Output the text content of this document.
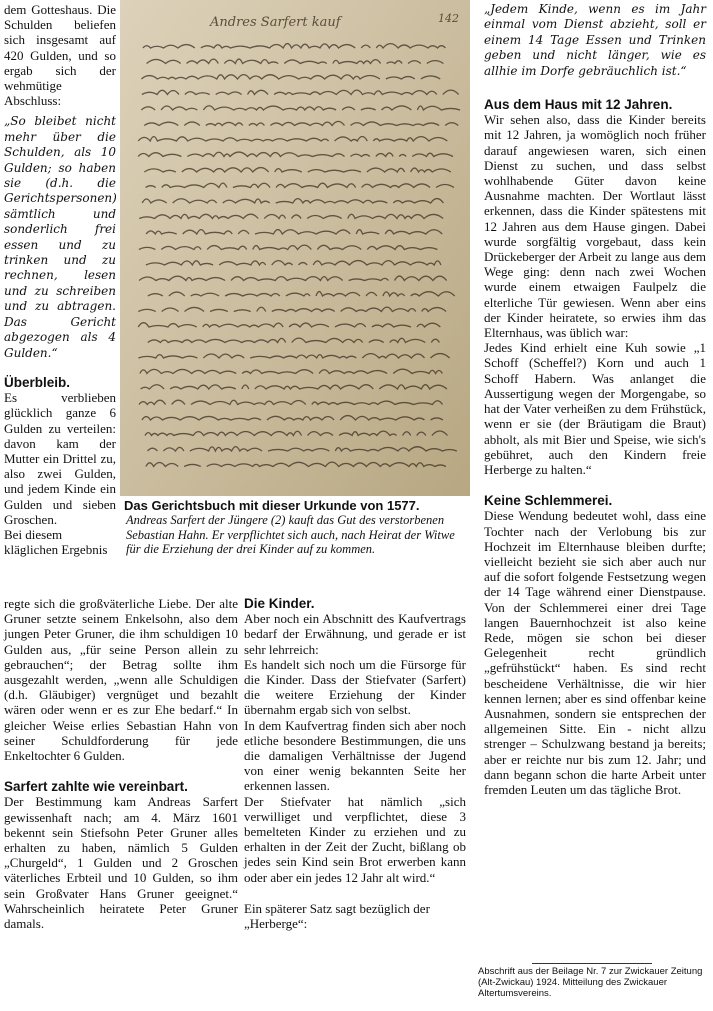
dem Gotteshaus. Die Schulden beliefen sich insgesamt auf 420 Gulden, und so ergab sich der wehmütige Abschluss:

„So bleibet nicht mehr über die Schulden, als 10 Gulden; so haben sie (d.h. die Gerichtspersonen) sämtlich und sonderlich frei essen und zu trinken und zu rechnen, lesen und zu schreiben und zu abtragen. Das Gericht abgezogen als 4 Gulden.“

Überbleib.

Es verblieben glücklich ganze 6 Gulden zu verteilen: davon kam der Mutter ein Drittel zu, also zwei Gulden, und jedem Kinde ein Gulden und sieben Groschen.

Bei diesem kläglichen Ergebnis

Andres Sarfert kauf	142
Das Gerichtsbuch mit dieser Urkunde von 1577.
Andreas Sarfert der Jüngere (2) kauft das Gut des verstorbenen Sebastian Hahn. Er verpflichtet sich auch, nach Heirat der Witwe für die Erziehung der drei Kinder auf zu kommen.

regte sich die großväterliche Liebe. Der alte Gruner setzte seinem Enkelsohn, also dem jungen Peter Gruner, die ihm schuldigen 10 Gulden aus, „für seine Person allein zu gebrauchen“; der Betrag sollte ihm ausgezahlt werden, „wenn alle Schuldigen (d.h. Gläubiger) vergnüget und bezahlt wären oder wenn er es zur Ehe bedarf.“ In gleicher Weise erlies Sebastian Hahn von seiner Schuldforderung für jede Enkeltochter 6 Gulden.

Sarfert zahlte wie vereinbart.

Der Bestimmung kam Andreas Sarfert gewissenhaft nach; am 4. März 1601 bekennt sein Stiefsohn Peter Gruner alles erhalten zu haben, nämlich 5 Gulden „Churgeld“, 1 Gulden und 2 Groschen väterliches Erbteil und 10 Gulden, so ihm sein Großvater Hans Gruner geeignet.“ Wahrscheinlich heiratete Peter Gruner damals.

Die Kinder.

Aber noch ein Abschnitt des Kaufvertrags bedarf der Erwähnung, und gerade er ist sehr lehrreich:

Es handelt sich noch um die Fürsorge für die Kinder. Dass der Stiefvater (Sarfert) die weitere Erziehung der Kinder übernahm ergab sich von selbst.

In dem Kaufvertrag finden sich aber noch etliche besondere Bestimmungen, die uns die damaligen Verhältnisse der Jugend von einer wenig bekannten Seite her erkennen lassen.

Der Stiefvater hat nämlich „sich verwilliget und verpflichtet, diese 3 bemelteten Kinder zu erziehen und zu erhalten in der Zeit der Zucht, bißlang ob jedes sein Kind sein Brot erwerben kann oder aber ein jedes 12 Jahr alt wird.“

Ein späterer Satz sagt bezüglich der „Herberge“:

„Jedem Kinde, wenn es im Jahr einmal vom Dienst abzieht, soll er einem 14 Tage Essen und Trinken geben und nicht länger, wie es allhie im Dorfe gebräuchlich ist.“

Aus dem Haus mit 12 Jahren.

Wir sehen also, dass die Kinder bereits mit 12 Jahren, ja womöglich noch früher darauf angewiesen waren, sich einen Dienst zu suchen, und dass selbst wohlhabende Güter davon keine Ausnahme machten. Der Wortlaut lässt erkennen, dass die Kinder spätestens mit 12 Jahren aus dem Hause gingen. Dabei wurde sorgfältig vorgebaut, dass kein Drückeberger der Arbeit zu lange aus dem Wege ging: denn nach zwei Wochen wurde einem etwaigen Faulpelz die elterliche Tür gewiesen. Wenn aber eins der Kinder heiratete, so erwies ihm das Elternhaus, was üblich war:

Jedes Kind erhielt eine Kuh sowie „1 Schoff (Scheffel?) Korn und auch 1 Schoff Habern. Was anlanget die Aussertigung wegen der Morgengabe, so hat der Vater verheißen zu dem Frühstück, wenn er sie (der Bräutigam die Braut) abholt, als mit Bier und Speise, wie sich's gebühret, auch den Kindern freie Herberge zu halten.“

Keine Schlemmerei.

Diese Wendung bedeutet wohl, dass eine Tochter nach der Verlobung bis zur Hochzeit im Elternhause bleiben durfte; vielleicht bezieht sie sich aber auch nur auf die sofort folgende Festsetzung wegen der 14 Tage während einer Dienstpause. Von der Schlemmerei einer drei Tage langen Bauernhochzeit ist also keine Rede, mögen sie schon bei dieser Gelegenheit recht gründlich „gefrühstückt“ haben. Es sind recht bescheidene Verhältnisse, die wir hier kennen lernen; aber es sind offenbar keine Ausnahmen, sondern sie entsprechen der allgemeinen Sitte. Ein - nicht allzu strenger – Schulzwang bestand ja bereits; aber er reichte nur bis zum 12. Jahr; und dann begann schon die harte Arbeit unter fremden Leuten um das tägliche Brot.

Abschrift aus der Beilage Nr. 7 zur Zwickauer Zeitung (Alt-Zwickau) 1924. Mitteilung des Zwickauer Altertumsvereins.
